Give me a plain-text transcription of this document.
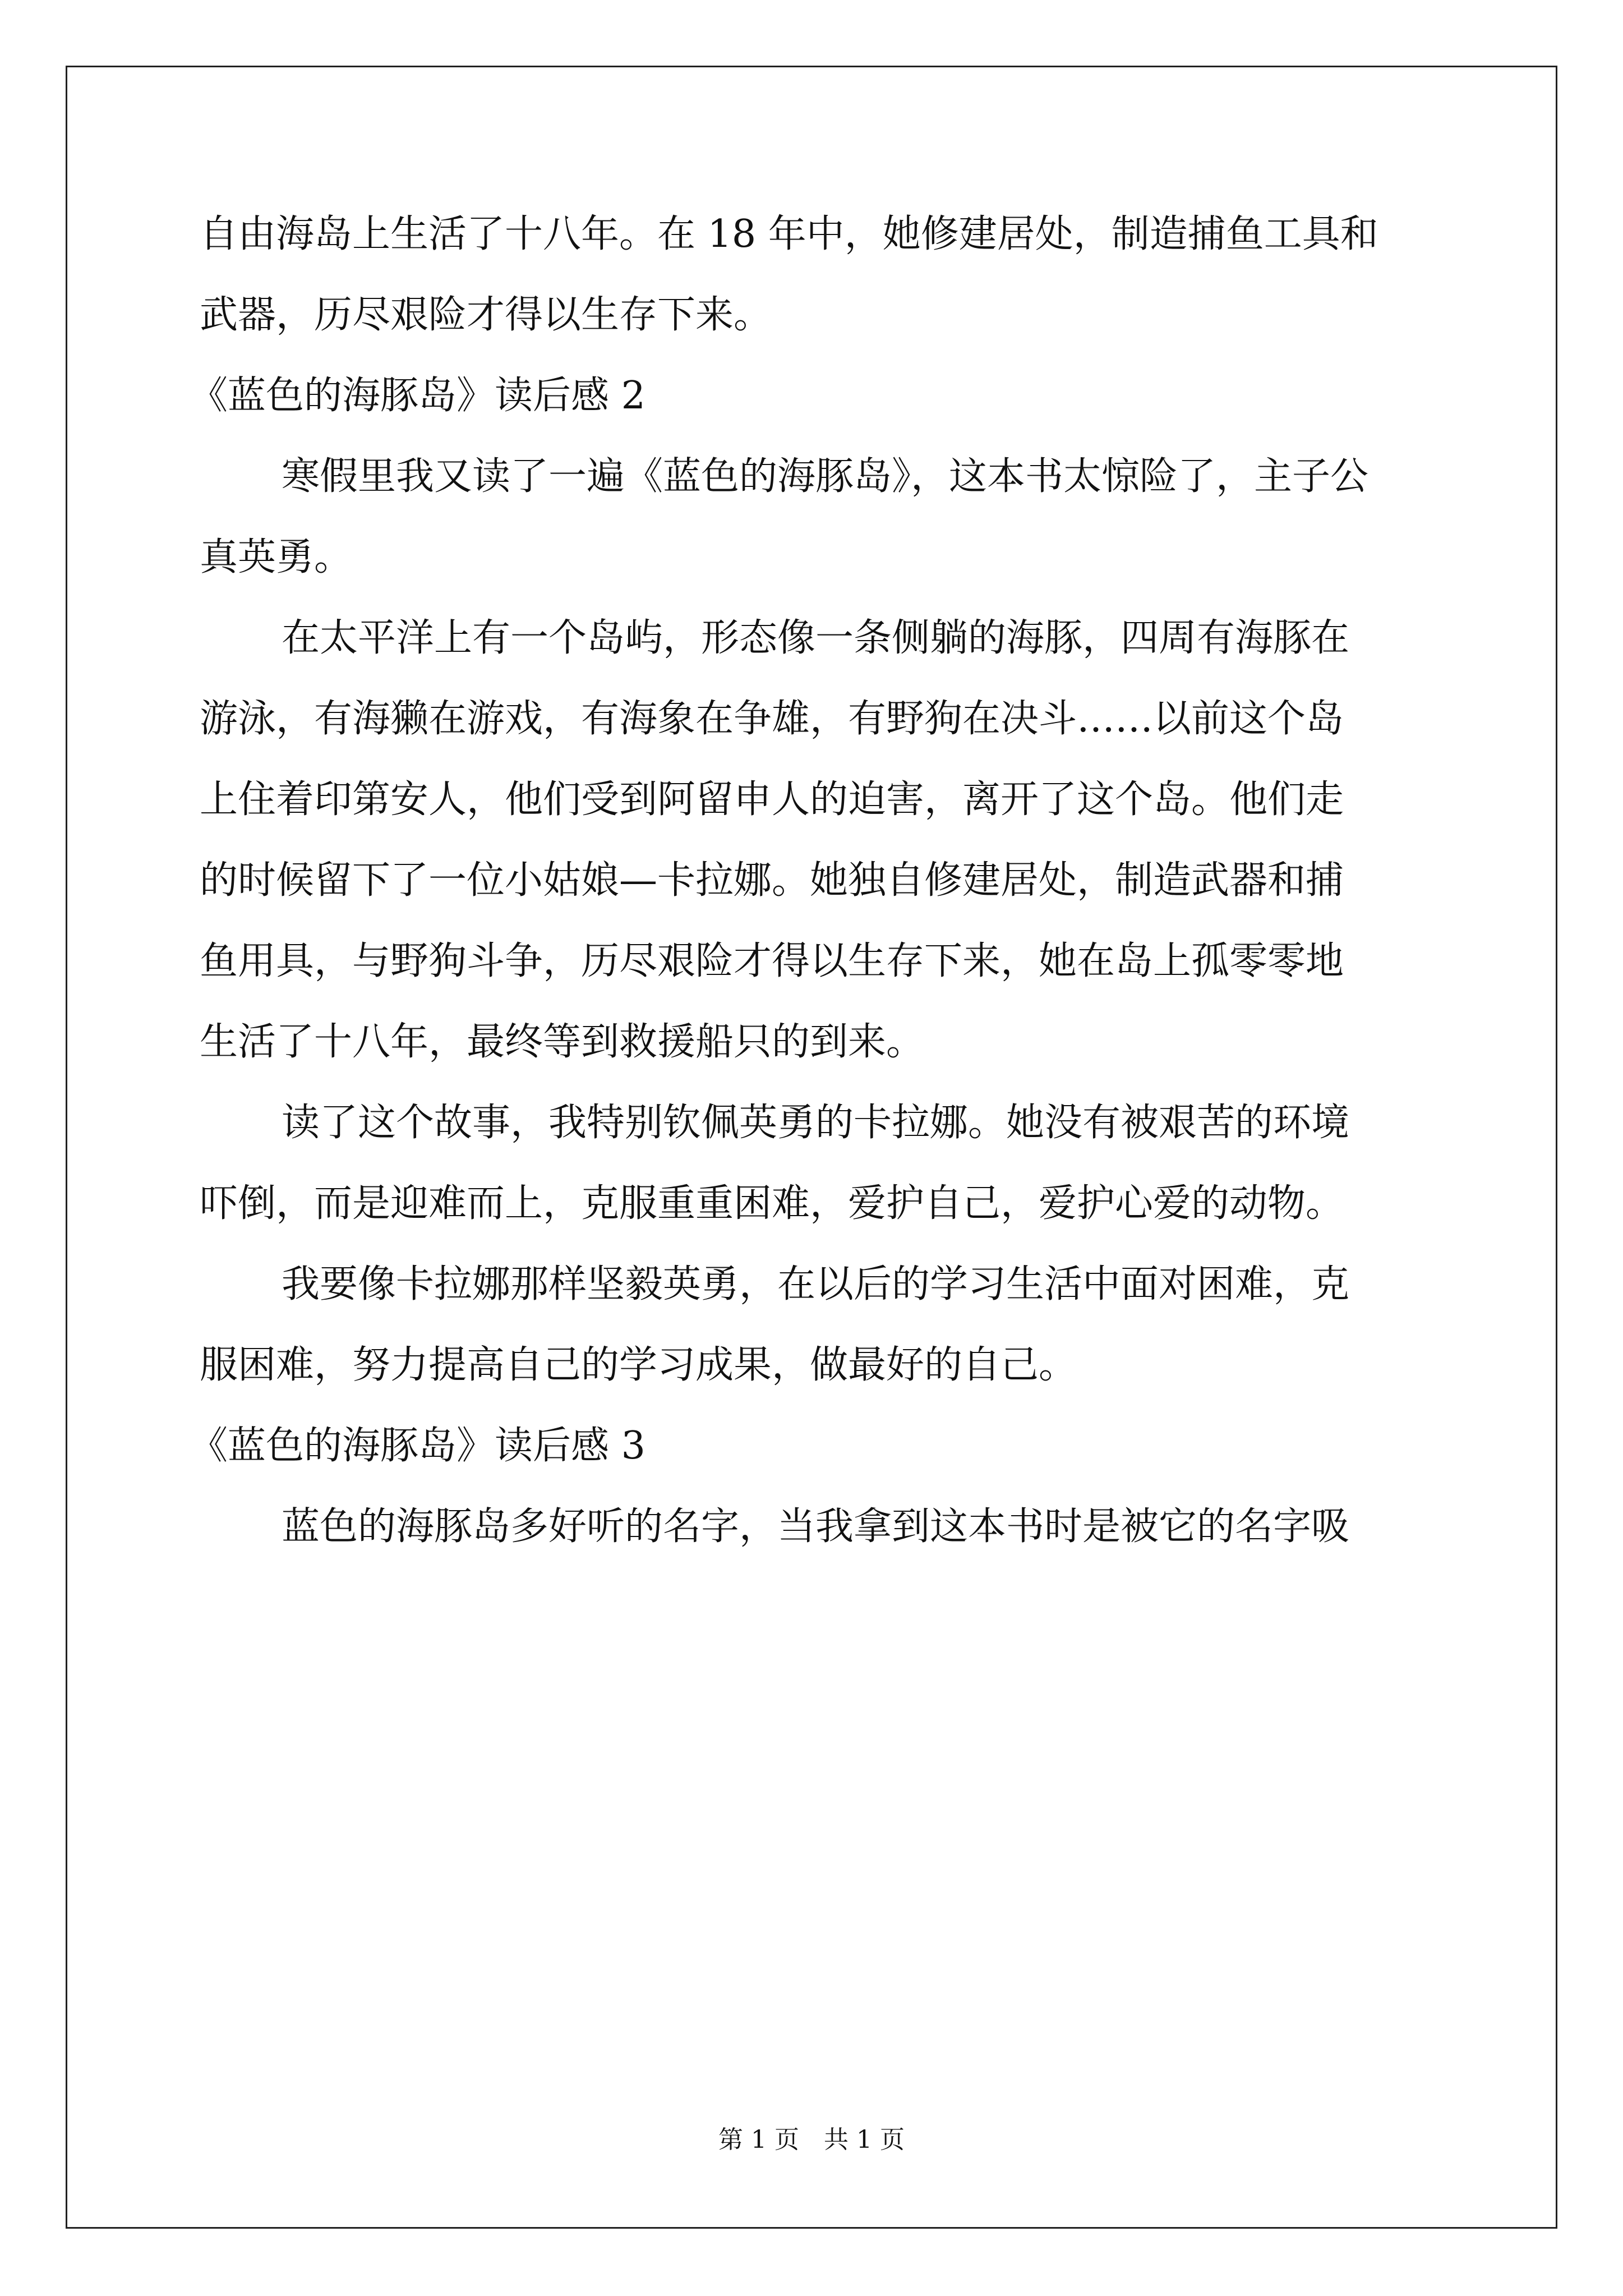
自由海岛上生活了十八年。在 18 年中，她修建居处，制造捕鱼工具和
武器，历尽艰险才得以生存下来。
《蓝色的海豚岛》读后感 2
寒假里我又读了一遍《蓝色的海豚岛》，这本书太惊险了，主子公
真英勇。
在太平洋上有一个岛屿，形态像一条侧躺的海豚，四周有海豚在
游泳，有海獭在游戏，有海象在争雄，有野狗在决斗……以前这个岛
上住着印第安人，他们受到阿留申人的迫害，离开了这个岛。他们走
的时候留下了一位小姑娘—卡拉娜。她独自修建居处，制造武器和捕
鱼用具，与野狗斗争，历尽艰险才得以生存下来，她在岛上孤零零地
生活了十八年，最终等到救援船只的到来。
读了这个故事，我特别钦佩英勇的卡拉娜。她没有被艰苦的环境
吓倒，而是迎难而上，克服重重困难，爱护自己，爱护心爱的动物。
我要像卡拉娜那样坚毅英勇，在以后的学习生活中面对困难，克
服困难，努力提高自己的学习成果，做最好的自己。
《蓝色的海豚岛》读后感 3
蓝色的海豚岛多好听的名字，当我拿到这本书时是被它的名字吸
第 1 页　共 1 页
